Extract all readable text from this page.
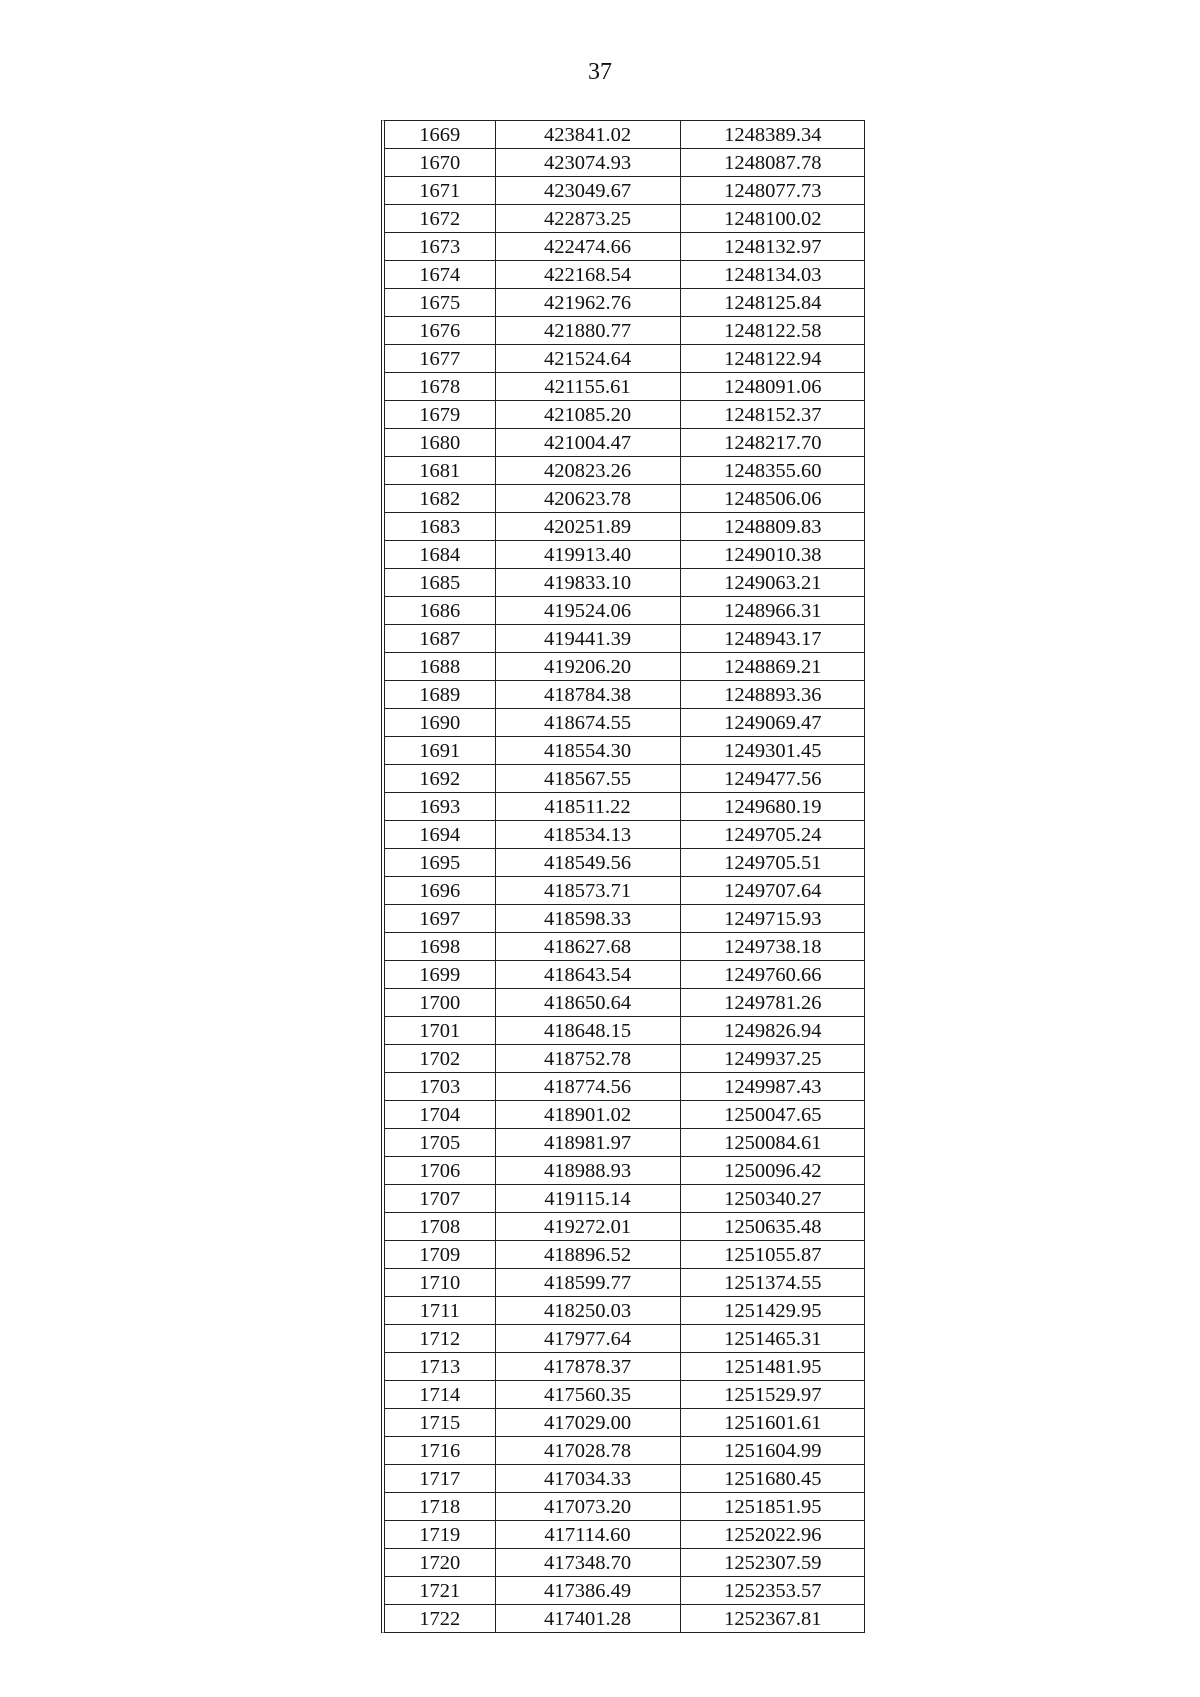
37
1669	423841.02	1248389.34
1670	423074.93	1248087.78
1671	423049.67	1248077.73
1672	422873.25	1248100.02
1673	422474.66	1248132.97
1674	422168.54	1248134.03
1675	421962.76	1248125.84
1676	421880.77	1248122.58
1677	421524.64	1248122.94
1678	421155.61	1248091.06
1679	421085.20	1248152.37
1680	421004.47	1248217.70
1681	420823.26	1248355.60
1682	420623.78	1248506.06
1683	420251.89	1248809.83
1684	419913.40	1249010.38
1685	419833.10	1249063.21
1686	419524.06	1248966.31
1687	419441.39	1248943.17
1688	419206.20	1248869.21
1689	418784.38	1248893.36
1690	418674.55	1249069.47
1691	418554.30	1249301.45
1692	418567.55	1249477.56
1693	418511.22	1249680.19
1694	418534.13	1249705.24
1695	418549.56	1249705.51
1696	418573.71	1249707.64
1697	418598.33	1249715.93
1698	418627.68	1249738.18
1699	418643.54	1249760.66
1700	418650.64	1249781.26
1701	418648.15	1249826.94
1702	418752.78	1249937.25
1703	418774.56	1249987.43
1704	418901.02	1250047.65
1705	418981.97	1250084.61
1706	418988.93	1250096.42
1707	419115.14	1250340.27
1708	419272.01	1250635.48
1709	418896.52	1251055.87
1710	418599.77	1251374.55
1711	418250.03	1251429.95
1712	417977.64	1251465.31
1713	417878.37	1251481.95
1714	417560.35	1251529.97
1715	417029.00	1251601.61
1716	417028.78	1251604.99
1717	417034.33	1251680.45
1718	417073.20	1251851.95
1719	417114.60	1252022.96
1720	417348.70	1252307.59
1721	417386.49	1252353.57
1722	417401.28	1252367.81
